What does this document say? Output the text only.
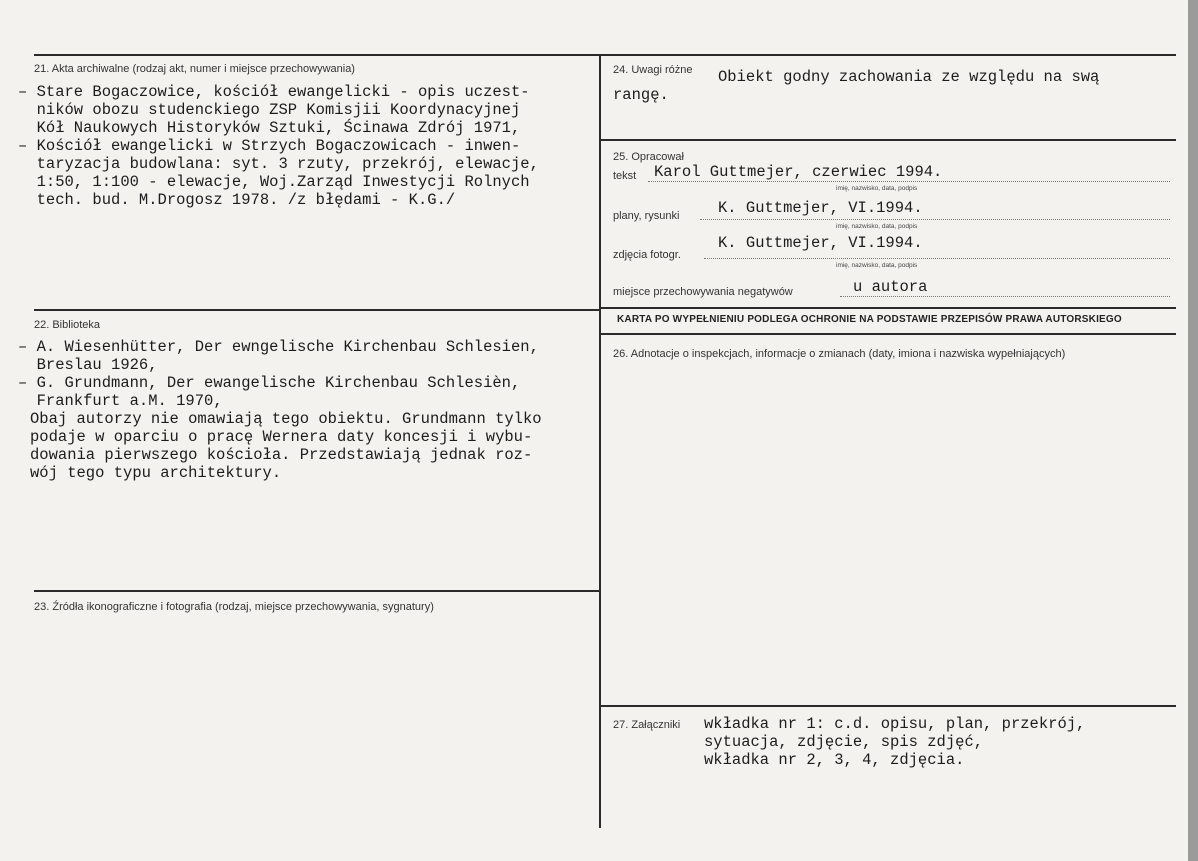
21. Akta archiwalne (rodzaj akt, numer i miejsce przechowywania)
– Stare Bogaczowice, kościół ewangelicki - opis uczest-
ników obozu studenckiego ZSP Komisjii Koordynacyjnej
Kół Naukowych Historyków Sztuki, Ścinawa Zdrój 1971,
– Kościół ewangelicki w Strzych Bogaczowicach - inwen-
taryzacja budowlana: syt. 3 rzuty, przekrój, elewacje,
1:50, 1:100 - elewacje, Woj.Zarząd Inwestycji Rolnych
tech. bud. M.Drogosz 1978. /z błędami - K.G./
22. Biblioteka
– A. Wiesenhütter, Der ewngelische Kirchenbau Schlesien,
Breslau 1926,
– G. Grundmann, Der ewangelische Kirchenbau Schlesièn,
Frankfurt a.M. 1970,
Obaj autorzy nie omawiają tego obiektu. Grundmann tylko
podaje w oparciu o pracę Wernera daty koncesji i wybu-
dowania pierwszego kościoła. Przedstawiają jednak roz-
wój tego typu architektury.
23. Źródła ikonograficzne i fotografia (rodzaj, miejsce przechowywania, sygnatury)
24. Uwagi różne Obiekt godny zachowania ze względu na swą
rangę.
25. Opracował
tekst Karol Guttmejer, czerwiec 1994.
imię, nazwisko, data, podpis
plany, rysunki K. Guttmejer, VI.1994.
imię, nazwisko, data, podpis
zdjęcia fotogr.
K. Guttmejer, VI.1994.
imię, nazwisko, data, podpis
miejsce przechowywania negatywów	u autora
KARTA PO WYPEŁNIENIU PODLEGA OCHRONIE NA PODSTAWIE PRZEPISÓW PRAWA AUTORSKIEGO
26. Adnotacje o inspekcjach, informacje o zmianach (daty, imiona i nazwiska wypełniających)
27. Załączniki wkładka nr 1: c.d. opisu, plan, przekrój,
sytuacja, zdjęcie, spis zdjęć,
wkładka nr 2, 3, 4, zdjęcia.
